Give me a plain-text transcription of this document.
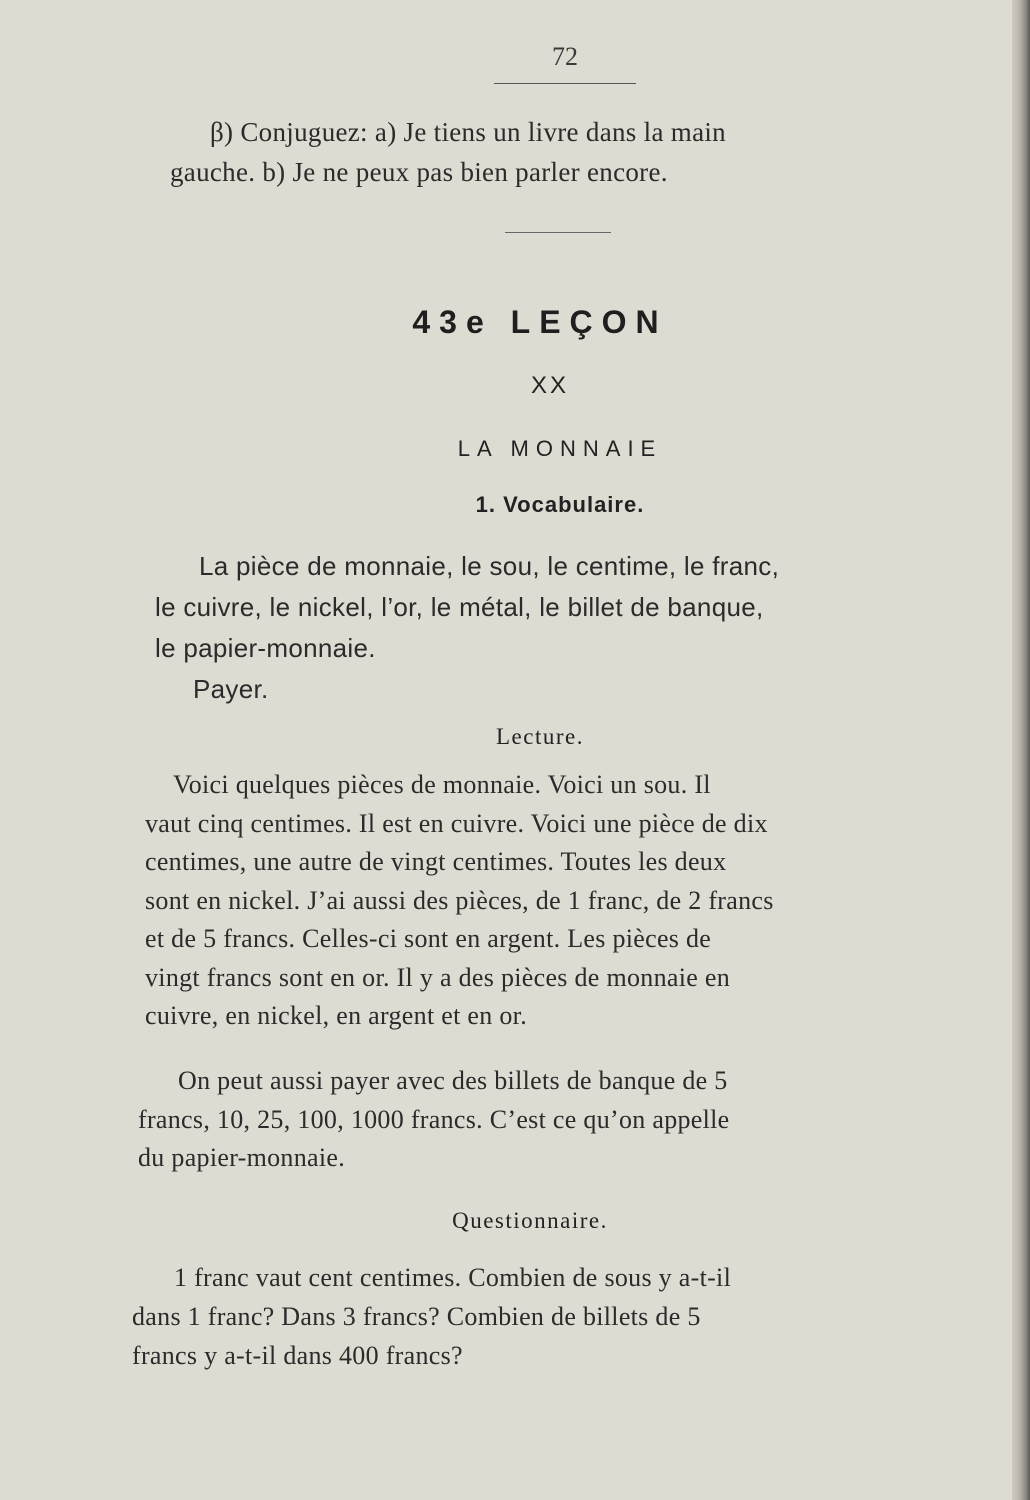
72
β) Conjuguez: a) Je tiens un livre dans la main
gauche. b) Je ne peux pas bien parler encore.
43e LEÇON
XX
LA MONNAIE
1. Vocabulaire.
La pièce de monnaie, le sou, le centime, le franc,
le cuivre, le nickel, l’or, le métal, le billet de banque,
le papier-monnaie.
Payer.
Lecture.
Voici quelques pièces de monnaie. Voici un sou. Il
vaut cinq centimes. Il est en cuivre. Voici une pièce de dix
centimes, une autre de vingt centimes. Toutes les deux
sont en nickel. J’ai aussi des pièces, de 1 franc, de 2 francs
et de 5 francs. Celles-ci sont en argent. Les pièces de
vingt francs sont en or. Il y a des pièces de monnaie en
cuivre, en nickel, en argent et en or.
On peut aussi payer avec des billets de banque de 5
francs, 10, 25, 100, 1000 francs. C’est ce qu’on appelle
du papier-monnaie.
Questionnaire.
1 franc vaut cent centimes. Combien de sous y a-t-il
dans 1 franc? Dans 3 francs? Combien de billets de 5
francs y a-t-il dans 400 francs?
